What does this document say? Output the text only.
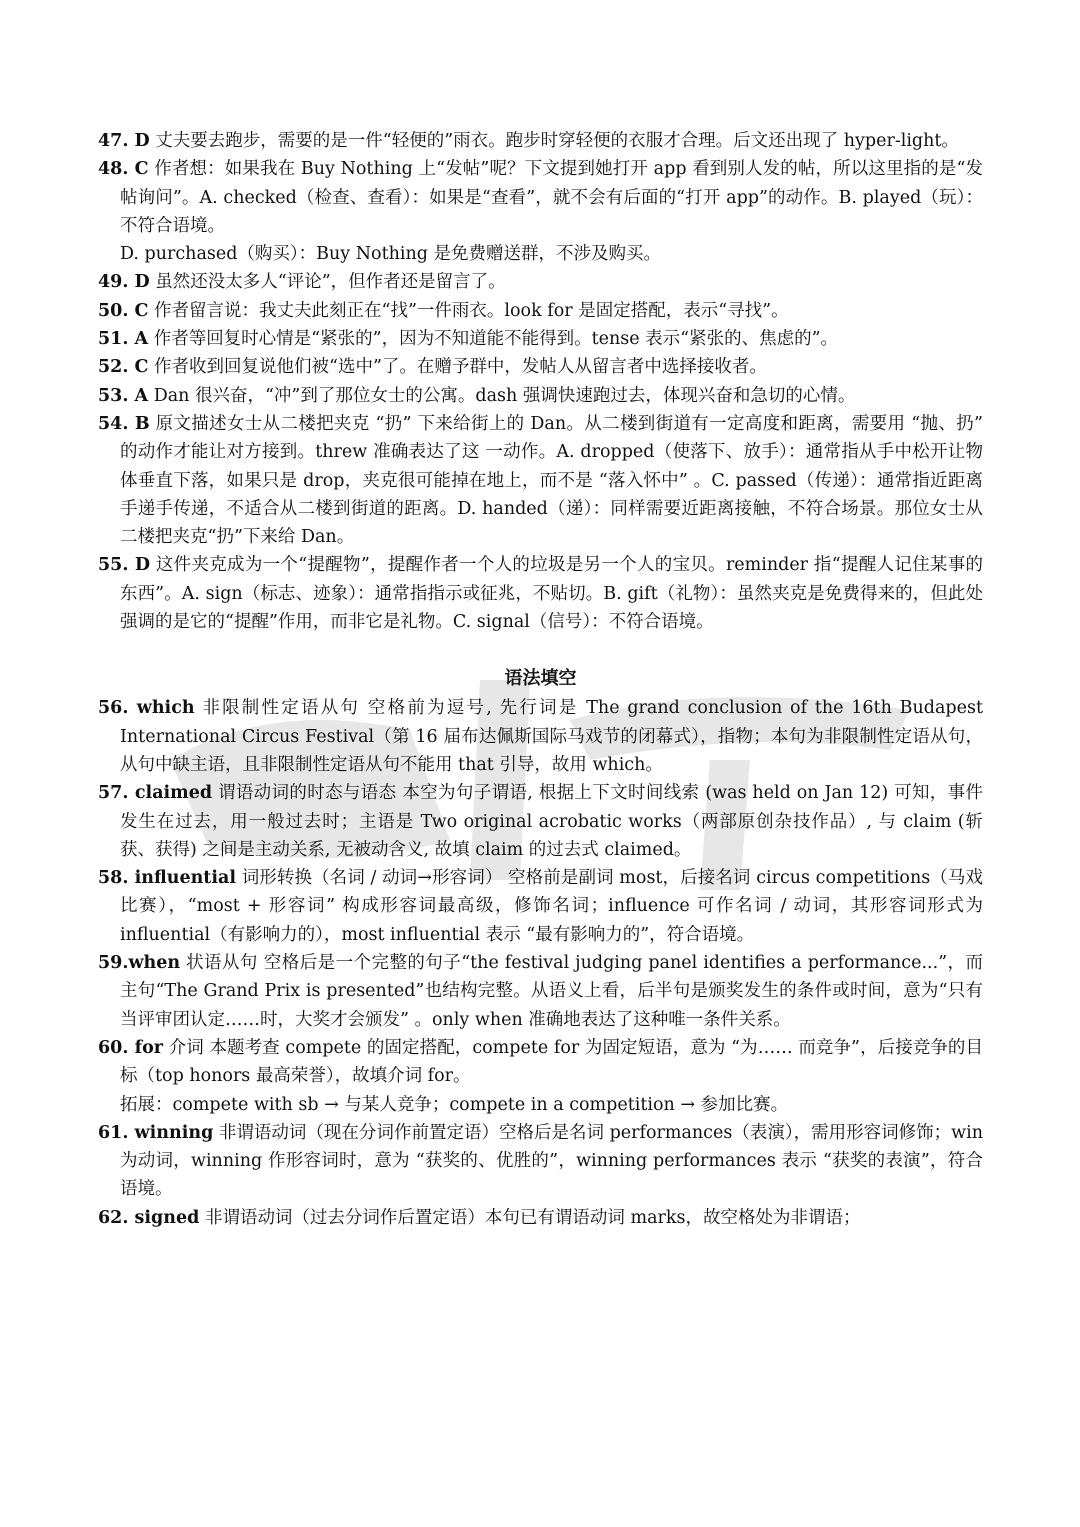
47. D 丈夫要去跑步，需要的是一件“轻便的”雨衣。跑步时穿轻便的衣服才合理。后文还出现了 hyper-light。

48. C 作者想：如果我在 Buy Nothing 上“发帖”呢？下文提到她打开 app 看到别人发的帖，所以这里指的是“发帖询问”。A. checked（检查、查看）：如果是“查看”，就不会有后面的“打开 app”的动作。B. played（玩）：不符合语境。

D. purchased（购买）：Buy Nothing 是免费赠送群，不涉及购买。

49. D 虽然还没太多人“评论”，但作者还是留言了。

50. C 作者留言说：我丈夫此刻正在“找”一件雨衣。look for 是固定搭配，表示“寻找”。

51. A 作者等回复时心情是“紧张的”，因为不知道能不能得到。tense 表示“紧张的、焦虑的”。

52. C 作者收到回复说他们被“选中”了。在赠予群中，发帖人从留言者中选择接收者。

53. A Dan 很兴奋，“冲”到了那位女士的公寓。dash 强调快速跑过去，体现兴奋和急切的心情。

54. B 原文描述女士从二楼把夹克 “扔” 下来给街上的 Dan。从二楼到街道有一定高度和距离，需要用 “抛、扔” 的动作才能让对方接到。threw 准确表达了这 一动作。A. dropped（使落下、放手）：通常指从手中松开让物体垂直下落，如果只是 drop，夹克很可能掉在地上，而不是 “落入怀中” 。C. passed（传递）：通常指近距离手递手传递，不适合从二楼到街道的距离。D. handed（递）：同样需要近距离接触，不符合场景。那位女士从二楼把夹克“扔”下来给 Dan。

55. D 这件夹克成为一个“提醒物”，提醒作者一个人的垃圾是另一个人的宝贝。reminder 指“提醒人记住某事的东西”。A. sign（标志、迹象）：通常指指示或征兆，不贴切。B. gift（礼物）：虽然夹克是免费得来的，但此处强调的是它的“提醒”作用，而非它是礼物。C. signal（信号）：不符合语境。

语法填空

56. which 非限制性定语从句 空格前为逗号, 先行词是 The grand conclusion of the 16th Budapest International Circus Festival（第 16 届布达佩斯国际马戏节的闭幕式），指物；本句为非限制性定语从句，从句中缺主语，且非限制性定语从句不能用 that 引导，故用 which。

57. claimed 谓语动词的时态与语态 本空为句子谓语, 根据上下文时间线索 (was held on Jan 12) 可知，事件发生在过去，用一般过去时；主语是 Two original acrobatic works（两部原创杂技作品）, 与 claim (斩获、获得) 之间是主动关系, 无被动含义, 故填 claim 的过去式 claimed。

58. influential 词形转换（名词 / 动词→形容词） 空格前是副词 most，后接名词 circus competitions（马戏比赛），“most + 形容词” 构成形容词最高级，修饰名词；influence 可作名词 / 动词，其形容词形式为 influential（有影响力的），most influential 表示 “最有影响力的”，符合语境。

59.when 状语从句 空格后是一个完整的句子“the festival judging panel identifies a performance...”，而主句“The Grand Prix is presented”也结构完整。从语义上看，后半句是颁奖发生的条件或时间，意为“只有当评审团认定……时，大奖才会颁发” 。only when 准确地表达了这种唯一条件关系。

60. for 介词 本题考查 compete 的固定搭配，compete for 为固定短语，意为 “为…… 而竞争”，后接竞争的目标（top honors 最高荣誉），故填介词 for。

拓展：compete with sb → 与某人竞争；compete in a competition → 参加比赛。

61. winning 非谓语动词（现在分词作前置定语）空格后是名词 performances（表演），需用形容词修饰；win 为动词，winning 作形容词时，意为 “获奖的、优胜的”，winning performances 表示 “获奖的表演”，符合语境。

62. signed 非谓语动词（过去分词作后置定语）本句已有谓语动词 marks，故空格处为非谓语；
